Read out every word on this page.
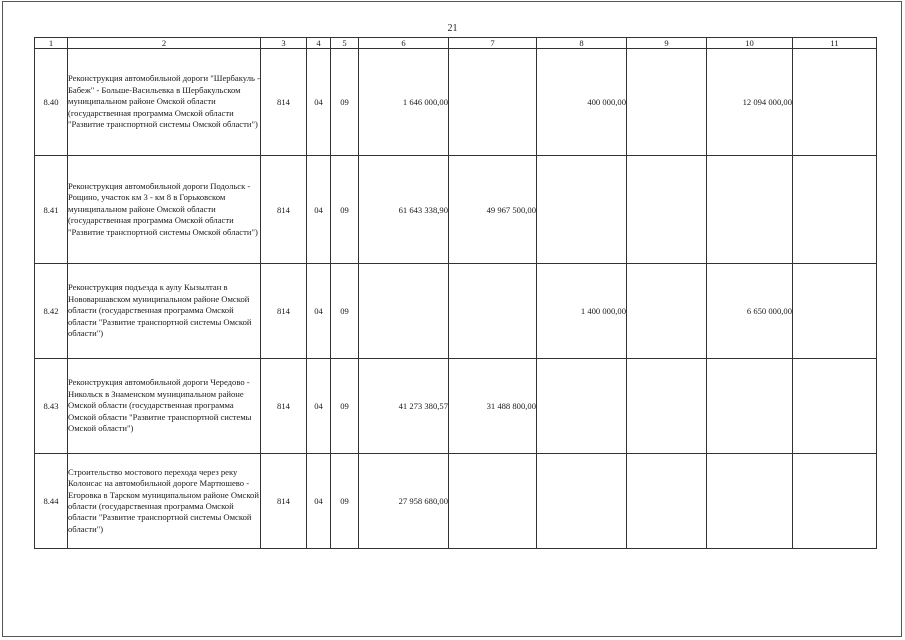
21
1	2	3	4	5	6	7	8	9	10	11
8.40	Реконструкция автомобильной дороги "Шербакуль - Бабеж" - Больше-Васильевка в Шербакульском муниципальном районе Омской области (государственная программа Омской области "Развитие транспортной системы Омской области")	814	04	09	1 646 000,00		400 000,00		12 094 000,00	
8.41	Реконструкция автомобильной дороги Подольск - Рощино, участок км 3 - км 8 в Горьковском муниципальном районе Омской области (государственная программа Омской области "Развитие транспортной системы Омской области")	814	04	09	61 643 338,90	49 967 500,00				
8.42	Реконструкция подъезда к аулу Кызылтан в Нововаршавском муниципальном районе Омской области (государственная программа Омской области "Развитие транспортной системы Омской области")	814	04	09			1 400 000,00		6 650 000,00	
8.43	Реконструкция автомобильной дороги Чередово - Никольск в Знаменском муниципальном районе Омской области (государственная программа Омской области "Развитие транспортной системы Омской области")	814	04	09	41 273 380,57	31 488 800,00				
8.44	Строительство мостового перехода через реку Колонсас на автомобильной дороге Мартюшево - Егоровка в Тарском муниципальном районе Омской области (государственная программа Омской области "Развитие транспортной системы Омской области")	814	04	09	27 958 680,00					
